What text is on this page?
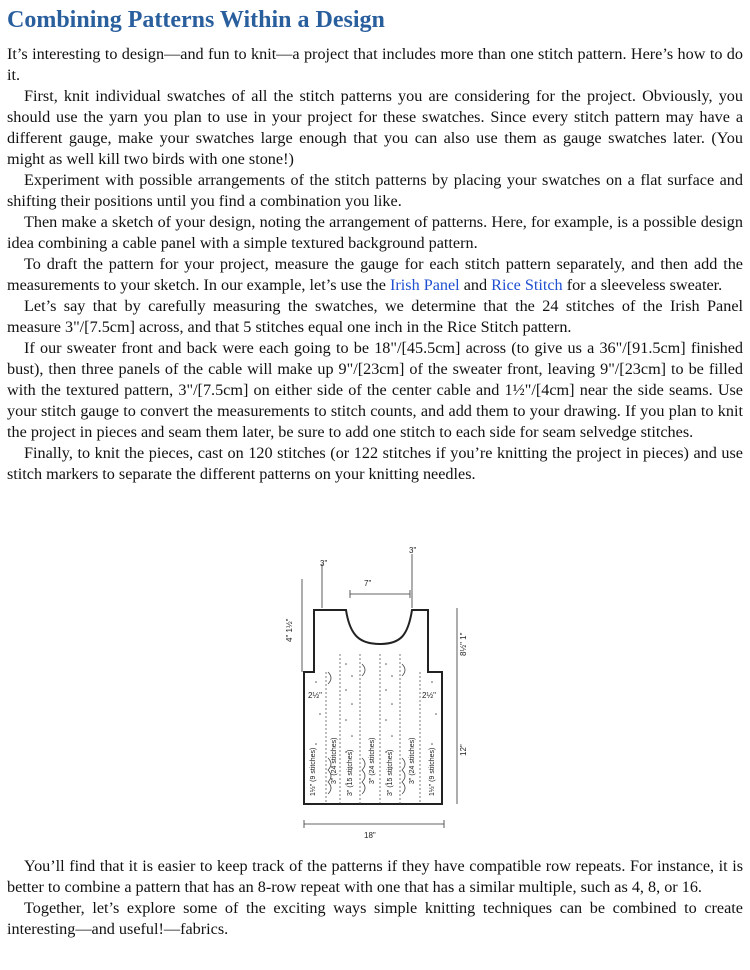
Combining Patterns Within a Design

It’s interesting to design—and fun to knit—a project that includes more than one stitch pattern. Here’s how to do it.

First, knit individual swatches of all the stitch patterns you are considering for the project. Obviously, you should use the yarn you plan to use in your project for these swatches. Since every stitch pattern may have a different gauge, make your swatches large enough that you can also use them as gauge swatches later. (You might as well kill two birds with one stone!)

Experiment with possible arrangements of the stitch patterns by placing your swatches on a flat surface and shifting their positions until you find a combination you like.

Then make a sketch of your design, noting the arrangement of patterns. Here, for example, is a possible design idea combining a cable panel with a simple textured background pattern.

To draft the pattern for your project, measure the gauge for each stitch pattern separately, and then add the measurements to your sketch. In our example, let’s use the Irish Panel and Rice Stitch for a sleeveless sweater.

Let’s say that by carefully measuring the swatches, we determine that the 24 stitches of the Irish Panel measure 3"/[7.5cm] across, and that 5 stitches equal one inch in the Rice Stitch pattern.

If our sweater front and back were each going to be 18"/[45.5cm] across (to give us a 36"/[91.5cm] finished bust), then three panels of the cable will make up 9"/[23cm] of the sweater front, leaving 9"/[23cm] to be filled with the textured pattern, 3"/[7.5cm] on either side of the center cable and 1½"/[4cm] near the side seams. Use your stitch gauge to convert the measurements to stitch counts, and add them to your drawing. If you plan to knit the project in pieces and seam them later, be sure to add one stitch to each side for seam selvedge stitches.

Finally, to knit the pieces, cast on 120 stitches (or 122 stitches if you’re knitting the project in pieces) and use stitch markers to separate the different patterns on your knitting needles.

3"
3"
7"
4" 1½"
8½" 1"
12"
18"
2½"	2½"
1½" (9 stitches) 3" (24 stitches) 3" (15 stitches) 3" (24 stitches) 3" (15 stitches) 3" (24 stitches) 1½" (9 stitches)

You’ll find that it is easier to keep track of the patterns if they have compatible row repeats. For instance, it is better to combine a pattern that has an 8-row repeat with one that has a similar multiple, such as 4, 8, or 16.

Together, let’s explore some of the exciting ways simple knitting techniques can be combined to create interesting—and useful!—fabrics.
